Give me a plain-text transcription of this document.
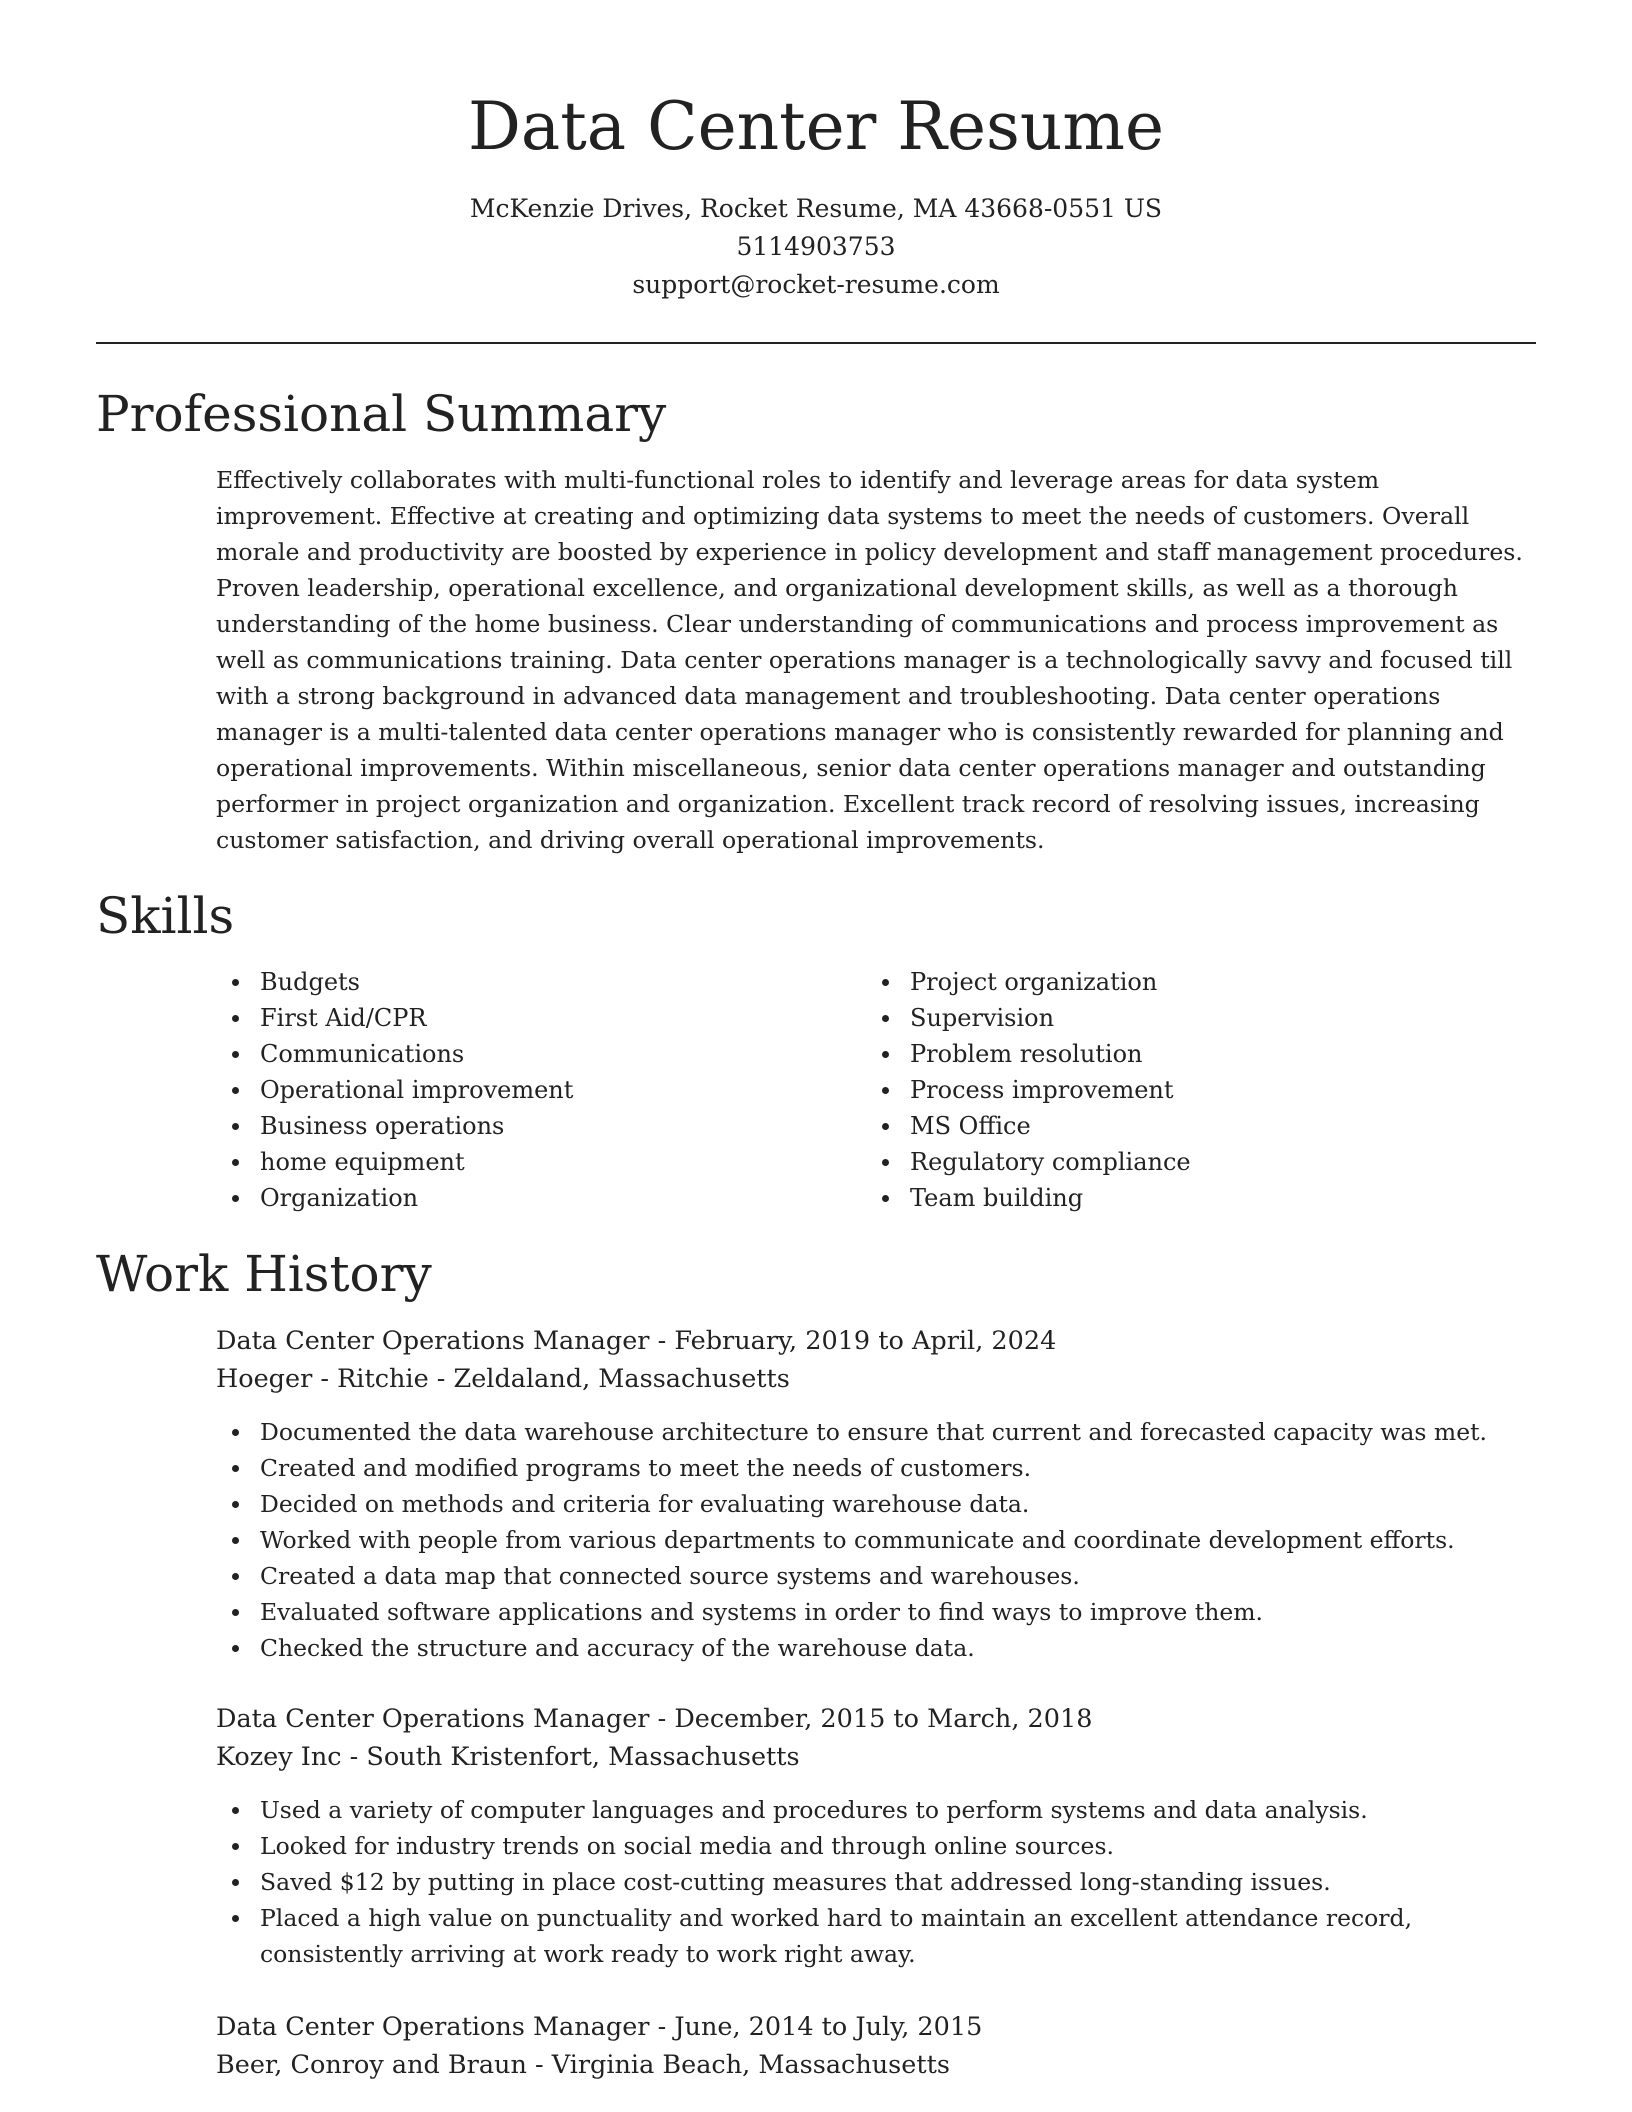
Data Center Resume
McKenzie Drives, Rocket Resume, MA 43668-0551 US
5114903753
support@rocket-resume.com
Professional Summary

Effectively collaborates with multi-functional roles to identify and leverage areas for data system improvement. Effective at creating and optimizing data systems to meet the needs of customers. Overall morale and productivity are boosted by experience in policy development and staff management procedures. Proven leadership, operational excellence, and organizational development skills, as well as a thorough understanding of the home business. Clear understanding of communications and process improvement as well as communications training. Data center operations manager is a technologically savvy and focused till with a strong background in advanced data management and troubleshooting. Data center operations manager is a multi-talented data center operations manager who is consistently rewarded for planning and operational improvements. Within miscellaneous, senior data center operations manager and outstanding performer in project organization and organization. Excellent track record of resolving issues, increasing customer satisfaction, and driving overall operational improvements.

Skills
Budgets
First Aid/CPR
Communications
Operational improvement
Business operations
home equipment
Organization
Project organization
Supervision
Problem resolution
Process improvement
MS Office
Regulatory compliance
Team building
Work History
Data Center Operations Manager - February, 2019 to April, 2024
Hoeger - Ritchie - Zeldaland, Massachusetts
Documented the data warehouse architecture to ensure that current and forecasted capacity was met.
Created and modified programs to meet the needs of customers.
Decided on methods and criteria for evaluating warehouse data.
Worked with people from various departments to communicate and coordinate development efforts.
Created a data map that connected source systems and warehouses.
Evaluated software applications and systems in order to find ways to improve them.
Checked the structure and accuracy of the warehouse data.
Data Center Operations Manager - December, 2015 to March, 2018
Kozey Inc - South Kristenfort, Massachusetts
Used a variety of computer languages and procedures to perform systems and data analysis.
Looked for industry trends on social media and through online sources.
Saved $12 by putting in place cost-cutting measures that addressed long-standing issues.
Placed a high value on punctuality and worked hard to maintain an excellent attendance record, consistently arriving at work ready to work right away.
Data Center Operations Manager - June, 2014 to July, 2015
Beer, Conroy and Braun - Virginia Beach, Massachusetts
